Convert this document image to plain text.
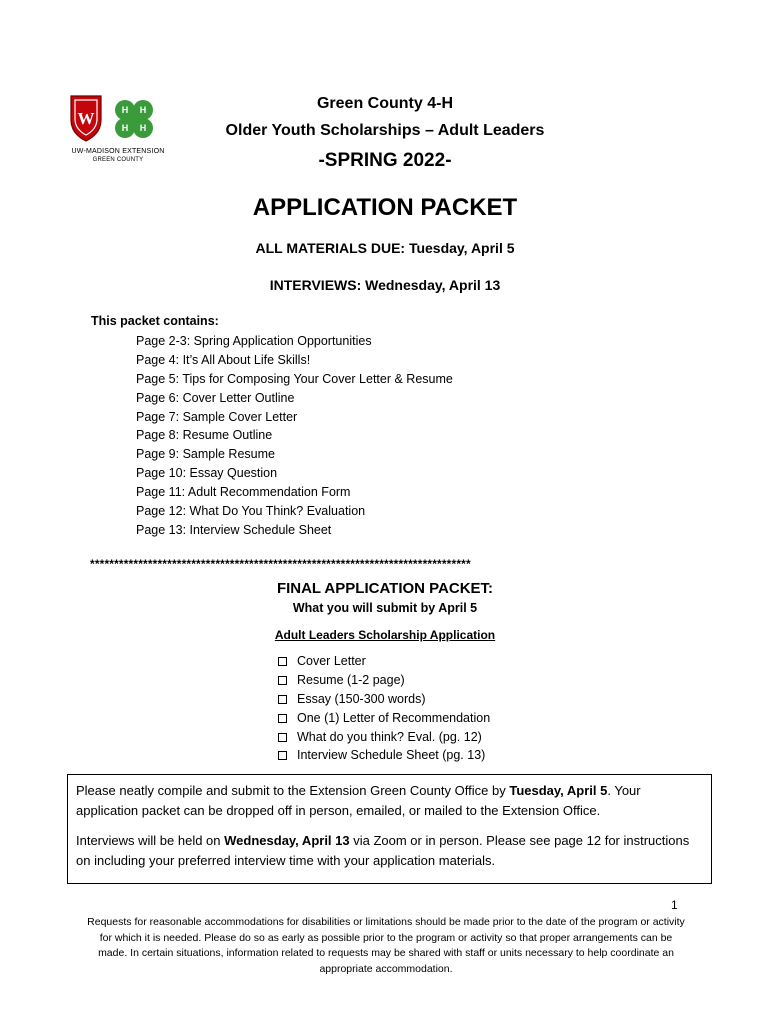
W	H H
H H
UW-MADISON EXTENSION
GREEN COUNTY
Green County 4-H
Older Youth Scholarships – Adult Leaders
-SPRING 2022-
APPLICATION PACKET
ALL MATERIALS DUE: Tuesday, April 5
INTERVIEWS: Wednesday, April 13
This packet contains:
Page 2-3: Spring Application Opportunities
Page 4: It’s All About Life Skills!
Page 5: Tips for Composing Your Cover Letter & Resume
Page 6: Cover Letter Outline
Page 7: Sample Cover Letter
Page 8: Resume Outline
Page 9: Sample Resume
Page 10: Essay Question
Page 11: Adult Recommendation Form
Page 12: What Do You Think? Evaluation
Page 13: Interview Schedule Sheet
*******************************************************************************
FINAL APPLICATION PACKET:
What you will submit by April 5
Adult Leaders Scholarship Application
Cover Letter
Resume (1-2 page)
Essay (150-300 words)
One (1) Letter of Recommendation
What do you think? Eval. (pg. 12)
Interview Schedule Sheet (pg. 13)

Please neatly compile and submit to the Extension Green County Office by Tuesday, April 5. Your application packet can be dropped off in person, emailed, or mailed to the Extension Office.

Interviews will be held on Wednesday, April 13 via Zoom or in person. Please see page 12 for instructions on including your preferred interview time with your application materials.

1
Requests for reasonable accommodations for disabilities or limitations should be made prior to the date of the program or activity for which it is needed. Please do so as early as possible prior to the program or activity so that proper arrangements can be made. In certain situations, information related to requests may be shared with staff or units necessary to help coordinate an appropriate accommodation.
